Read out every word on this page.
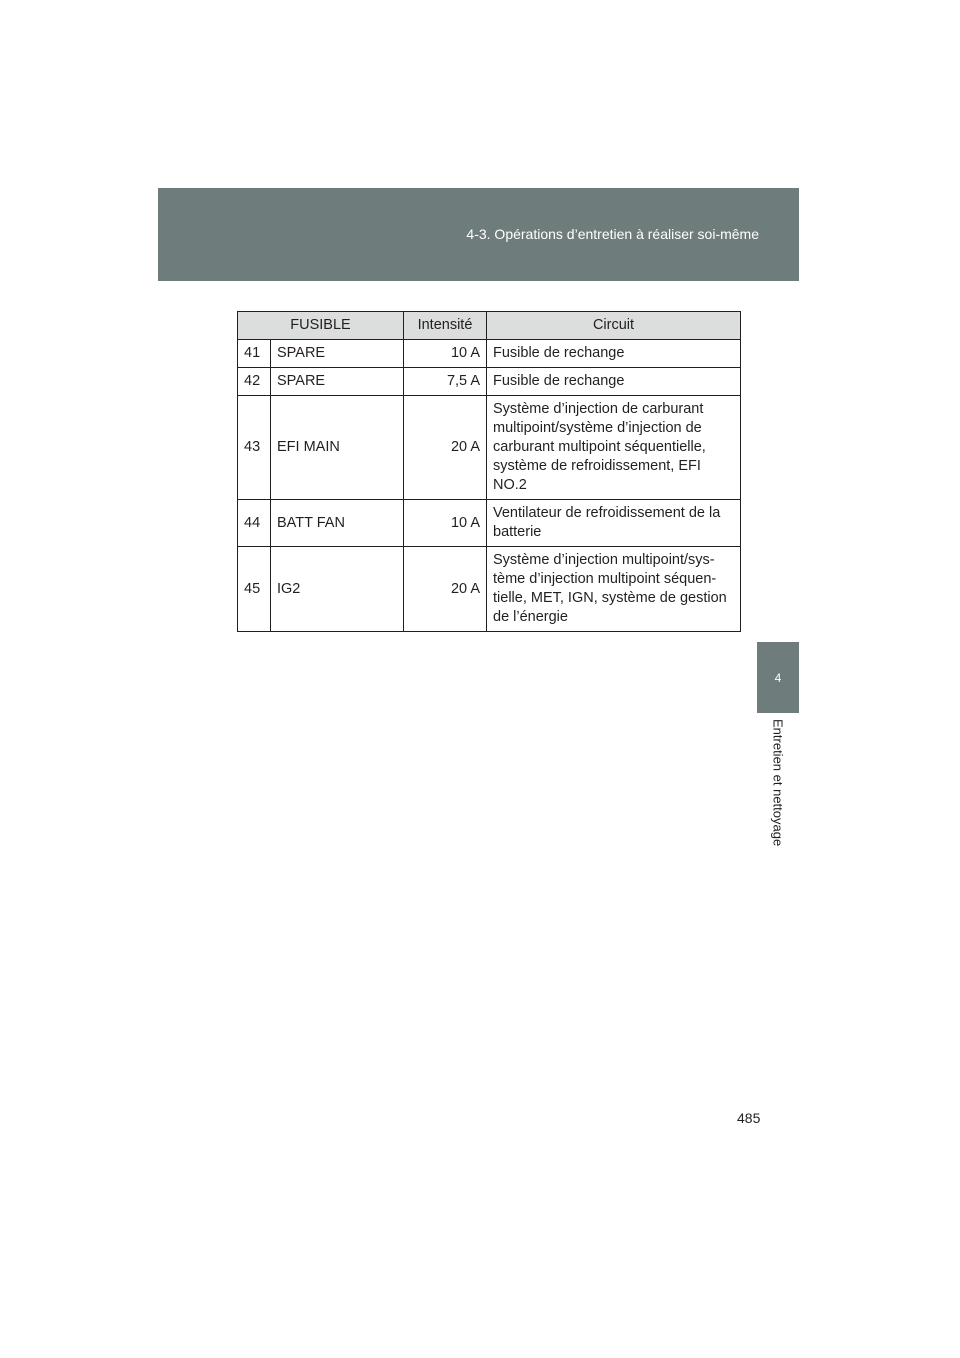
4-3. Opérations d’entretien à réaliser soi-même
4
Entretien et nettoyage
FUSIBLE		Intensité	Circuit
41	SPARE	10 A	Fusible de rechange
42	SPARE	7,5 A	Fusible de rechange
43	EFI MAIN	20 A	Système d’injection de carburant multipoint/système d’injection de carburant multipoint séquentielle, système de refroidissement, EFI NO.2
44	BATT FAN	10 A	Ventilateur de refroidissement de la batterie
45	IG2	20 A	Système d’injection multipoint/sys-tème d’injection multipoint séquen-tielle, MET, IGN, système de gestion de l’énergie
485
